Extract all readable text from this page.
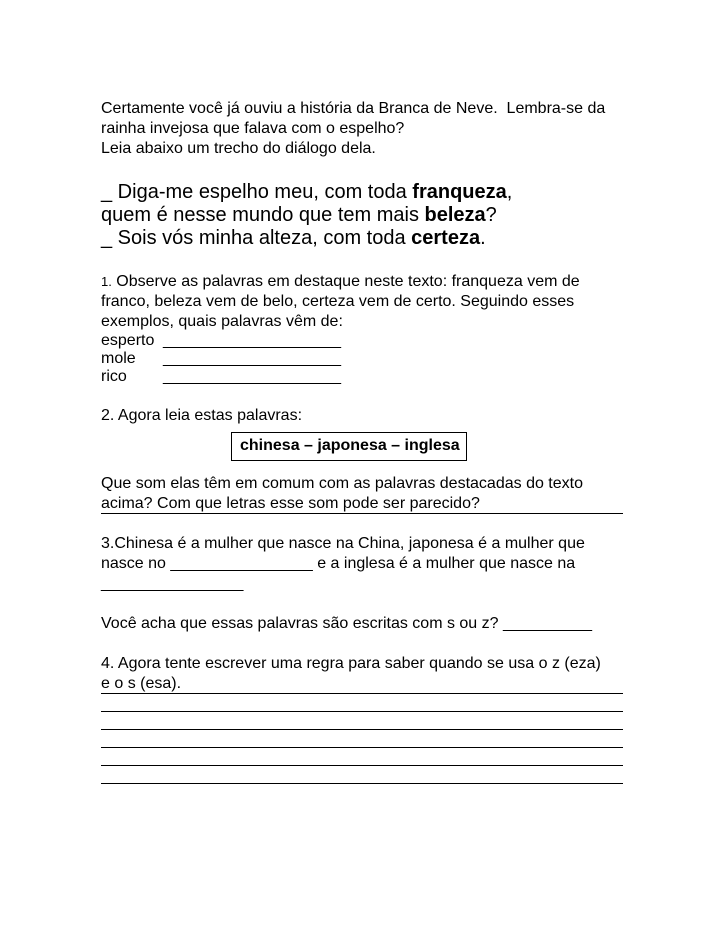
Certamente você já ouviu a história da Branca de Neve.  Lembra-se da

rainha invejosa que falava com o espelho?

Leia abaixo um trecho do diálogo dela.

_ Diga-me espelho meu, com toda franqueza,

quem é nesse mundo que tem mais beleza?

_ Sois vós minha alteza, com toda certeza.

1. Observe as palavras em destaque neste texto: franqueza vem de

franco, beleza vem de belo, certeza vem de certo. Seguindo esses

exemplos, quais palavras vêm de:

esperto ____________________
mole	____________________
rico	____________________

2. Agora leia estas palavras:

chinesa – japonesa – inglesa

Que som elas têm em comum com as palavras destacadas do texto

acima? Com que letras esse som pode ser parecido?

3.Chinesa é a mulher que nasce na China, japonesa é a mulher que

nasce no ________________ e a inglesa é a mulher que nasce na

________________

Você acha que essas palavras são escritas com s ou z? __________

4. Agora tente escrever uma regra para saber quando se usa o z (eza)

e o s (esa).
